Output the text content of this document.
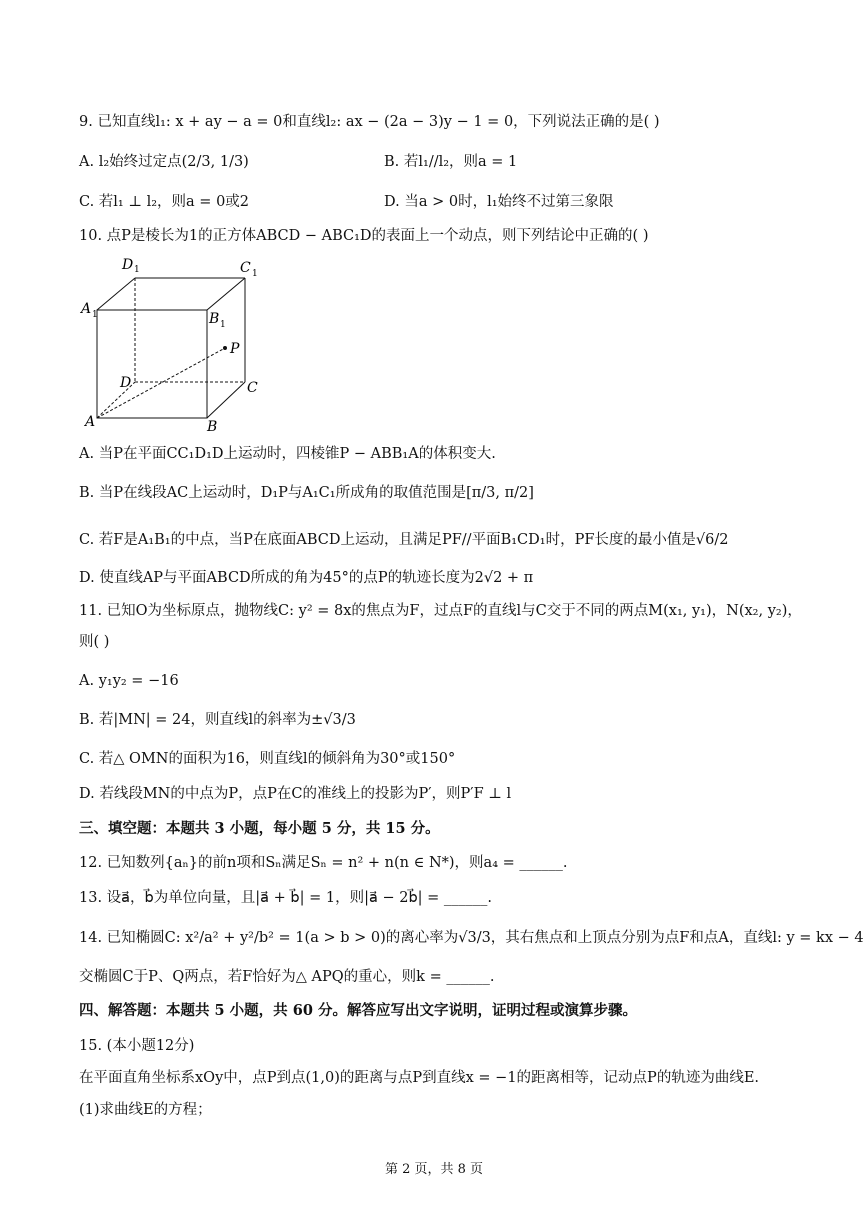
9. 已知直线l₁: x + ay − a = 0和直线l₂: ax − (2a − 3)y − 1 = 0，下列说法正确的是( )
A. l₂始终过定点(2/3, 1/3)	B. 若l₁//l₂，则a = 1
C. 若l₁ ⊥ l₂，则a = 0或2	D. 当a > 0时，l₁始终不过第三象限
10. 点P是棱长为1的正方体ABCD − ABC₁D的表面上一个动点，则下列结论中正确的( )
D 1	C 1
A 1	B 1
P
D	C
A	B
A. 当P在平面CC₁D₁D上运动时，四棱锥P − ABB₁A的体积变大.
B. 当P在线段AC上运动时，D₁P与A₁C₁所成角的取值范围是[π/3, π/2]
C. 若F是A₁B₁的中点，当P在底面ABCD上运动，且满足PF//平面B₁CD₁时，PF长度的最小值是√6/2
D. 使直线AP与平面ABCD所成的角为45°的点P的轨迹长度为2√2 + π
11. 已知O为坐标原点，抛物线C: y² = 8x的焦点为F，过点F的直线l与C交于不同的两点M(x₁, y₁)，N(x₂, y₂)，
则( )
A. y₁y₂ = −16
B. 若|MN| = 24，则直线l的斜率为±√3/3
C. 若△ OMN的面积为16，则直线l的倾斜角为30°或150°
D. 若线段MN的中点为P，点P在C的准线上的投影为P′，则P′F ⊥ l
三、填空题：本题共 3 小题，每小题 5 分，共 15 分。
12. 已知数列{aₙ}的前n项和Sₙ满足Sₙ = n² + n(n ∈ N*)，则a₄ = ______.
13. 设a⃗，b⃗为单位向量，且|a⃗ + b⃗| = 1，则|a⃗ − 2b⃗| = ______.
14. 已知椭圆C: x²/a² + y²/b² = 1(a > b > 0)的离心率为√3/3，其右焦点和上顶点分别为点F和点A，直线l: y = kx − 4
交椭圆C于P、Q两点，若F恰好为△ APQ的重心，则k = ______.
四、解答题：本题共 5 小题，共 60 分。解答应写出文字说明，证明过程或演算步骤。
15. (本小题12分)
在平面直角坐标系xOy中，点P到点(1,0)的距离与点P到直线x = −1的距离相等，记动点P的轨迹为曲线E.
(1)求曲线E的方程；
第 2 页，共 8 页
